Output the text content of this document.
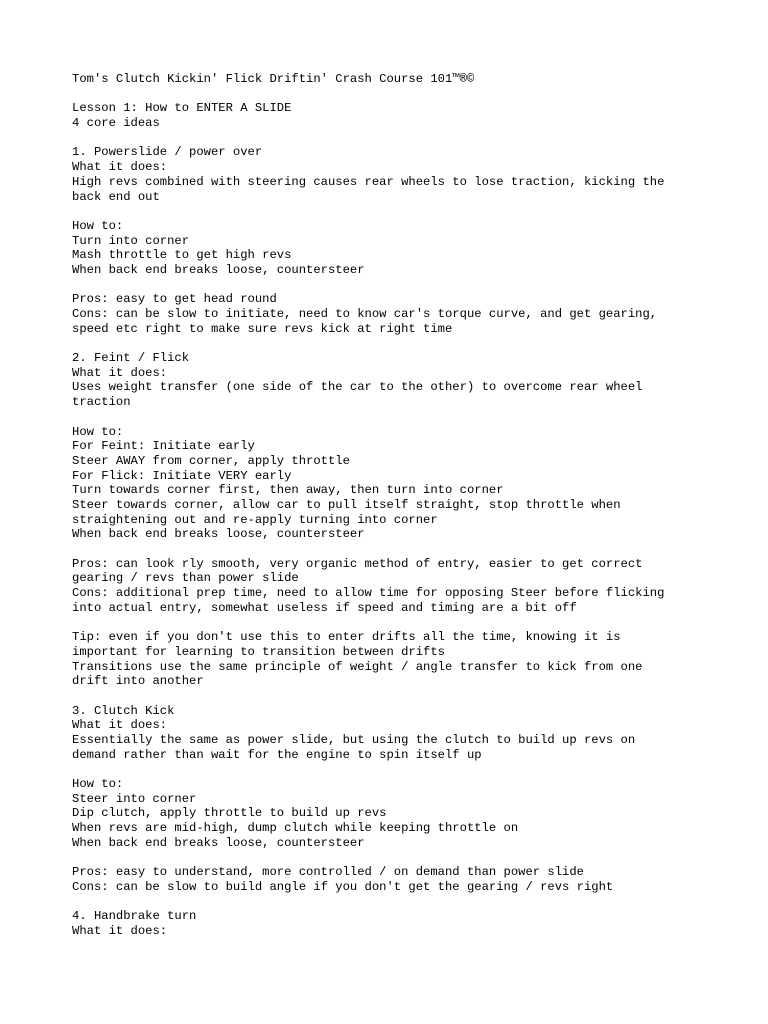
Tom's Clutch Kickin' Flick Driftin' Crash Course 101™®©
Lesson 1: How to ENTER A SLIDE
4 core ideas
1. Powerslide / power over
What it does:
High revs combined with steering causes rear wheels to lose traction, kicking the
back end out
How to:
Turn into corner
Mash throttle to get high revs
When back end breaks loose, countersteer
Pros: easy to get head round
Cons: can be slow to initiate, need to know car's torque curve, and get gearing,
speed etc right to make sure revs kick at right time
2. Feint / Flick
What it does:
Uses weight transfer (one side of the car to the other) to overcome rear wheel
traction
How to:
For Feint: Initiate early
Steer AWAY from corner, apply throttle
For Flick: Initiate VERY early
Turn towards corner first, then away, then turn into corner
Steer towards corner, allow car to pull itself straight, stop throttle when
straightening out and re-apply turning into corner
When back end breaks loose, countersteer
Pros: can look rly smooth, very organic method of entry, easier to get correct
gearing / revs than power slide
Cons: additional prep time, need to allow time for opposing Steer before flicking
into actual entry, somewhat useless if speed and timing are a bit off
Tip: even if you don't use this to enter drifts all the time, knowing it is
important for learning to transition between drifts
Transitions use the same principle of weight / angle transfer to kick from one
drift into another
3. Clutch Kick
What it does:
Essentially the same as power slide, but using the clutch to build up revs on
demand rather than wait for the engine to spin itself up
How to:
Steer into corner
Dip clutch, apply throttle to build up revs
When revs are mid-high, dump clutch while keeping throttle on
When back end breaks loose, countersteer
Pros: easy to understand, more controlled / on demand than power slide
Cons: can be slow to build angle if you don't get the gearing / revs right
4. Handbrake turn
What it does:
